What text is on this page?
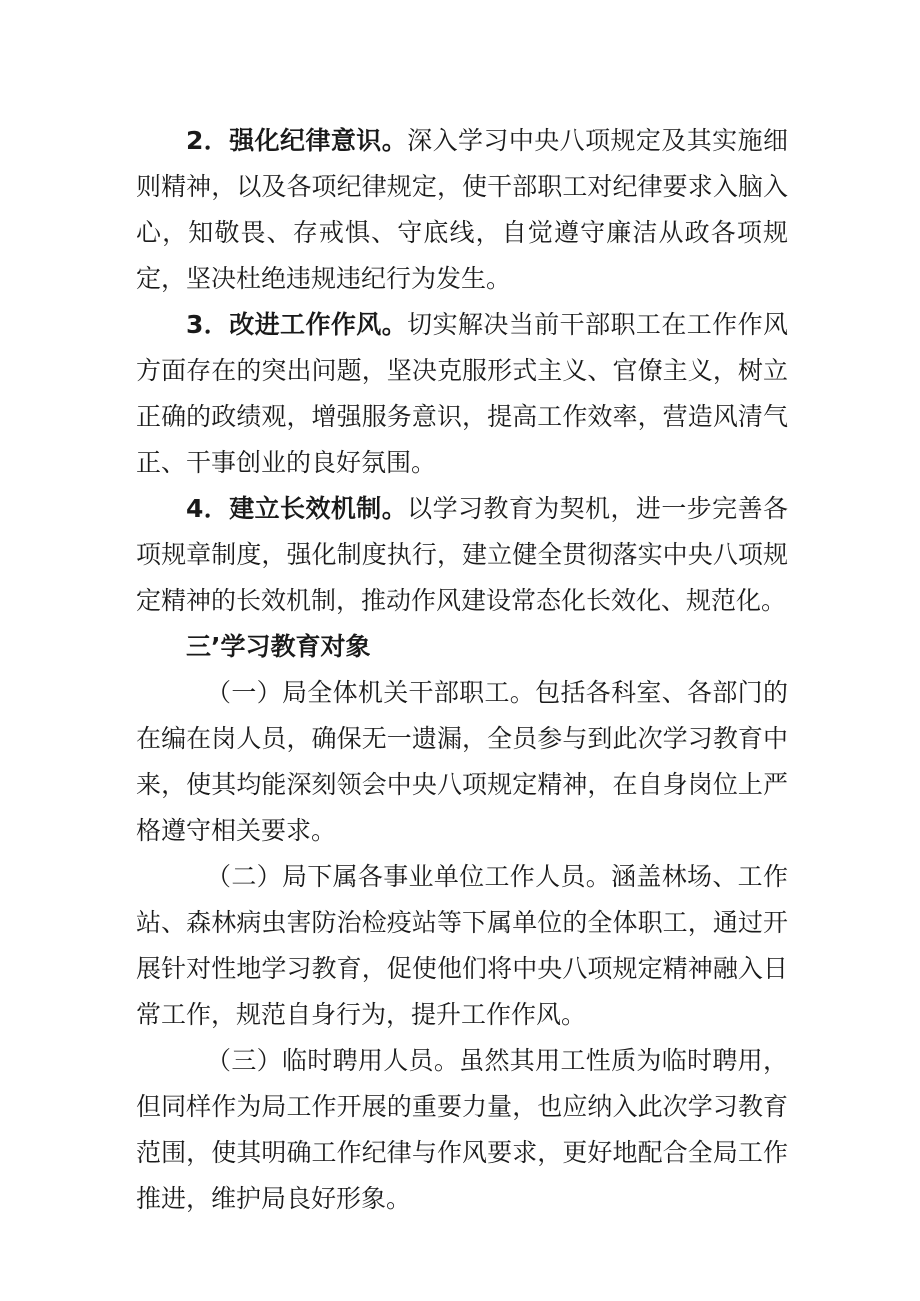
2．强化纪律意识。深入学习中央八项规定及其实施细则精神，以及各项纪律规定，使干部职工对纪律要求入脑入心，知敬畏、存戒惧、守底线，自觉遵守廉洁从政各项规定，坚决杜绝违规违纪行为发生。

3．改进工作作风。切实解决当前干部职工在工作作风方面存在的突出问题，坚决克服形式主义、官僚主义，树立正确的政绩观，增强服务意识，提高工作效率，营造风清气正、干事创业的良好氛围。

4．建立长效机制。以学习教育为契机，进一步完善各项规章制度，强化制度执行，建立健全贯彻落实中央八项规定精神的长效机制，推动作风建设常态化长效化、规范化。

三’学习教育对象

（一）局全体机关干部职工。包括各科室、各部门的在编在岗人员，确保无一遗漏，全员参与到此次学习教育中来，使其均能深刻领会中央八项规定精神，在自身岗位上严格遵守相关要求。

（二）局下属各事业单位工作人员。涵盖林场、工作站、森林病虫害防治检疫站等下属单位的全体职工，通过开展针对性地学习教育，促使他们将中央八项规定精神融入日常工作，规范自身行为，提升工作作风。

（三）临时聘用人员。虽然其用工性质为临时聘用，但同样作为局工作开展的重要力量，也应纳入此次学习教育范围，使其明确工作纪律与作风要求，更好地配合全局工作推进，维护局良好形象。
